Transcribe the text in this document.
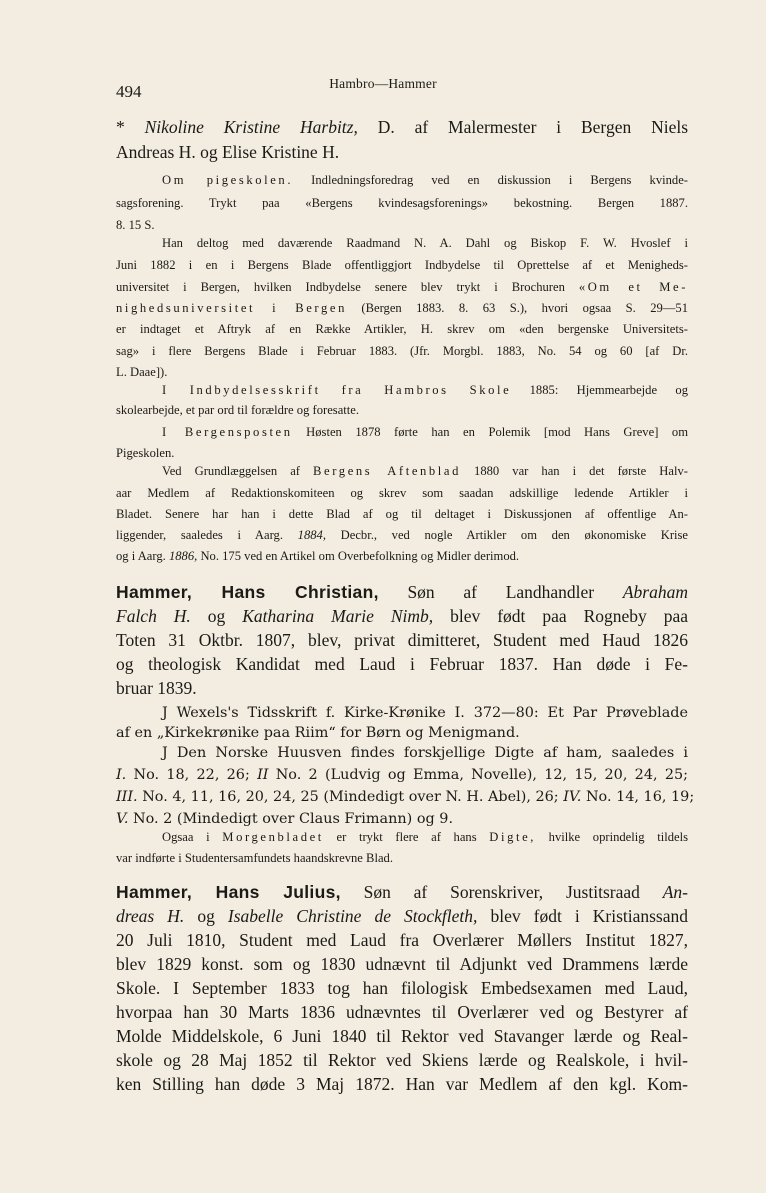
494	Hambro—Hammer
* Nikoline Kristine Harbitz, D. af Malermester i Bergen Niels
Andreas H. og Elise Kristine H.
Om pigeskolen. Indledningsforedrag ved en diskussion i Bergens kvinde-
sagsforening. Trykt paa «Bergens kvindesagsforenings» bekostning. Bergen 1887.
8. 15 S.
Han deltog med daværende Raadmand N. A. Dahl og Biskop F. W. Hvoslef i
Juni 1882 i en i Bergens Blade offentliggjort Indbydelse til Oprettelse af et Menigheds-
universitet i Bergen, hvilken Indbydelse senere blev trykt i Brochuren «Om et Me-
nighedsuniversitet i Bergen (Bergen 1883. 8. 63 S.), hvori ogsaa S. 29—51
er indtaget et Aftryk af en Række Artikler, H. skrev om «den bergenske Universitets-
sag» i flere Bergens Blade i Februar 1883. (Jfr. Morgbl. 1883, No. 54 og 60 [af Dr.
L. Daae]).
I Indbydelsesskrift fra Hambros Skole 1885: Hjemmearbejde og
skolearbejde, et par ord til forældre og foresatte.
I Bergensposten Høsten 1878 førte han en Polemik [mod Hans Greve] om
Pigeskolen.
Ved Grundlæggelsen af Bergens Aftenblad 1880 var han i det første Halv-
aar Medlem af Redaktionskomiteen og skrev som saadan adskillige ledende Artikler i
Bladet. Senere har han i dette Blad af og til deltaget i Diskussjonen af offentlige An-
liggender, saaledes i Aarg. 1884, Decbr., ved nogle Artikler om den økonomiske Krise
og i Aarg. 1886, No. 175 ved en Artikel om Overbefolkning og Midler derimod.
Hammer, Hans Christian, Søn af Landhandler Abraham
Falch H. og Katharina Marie Nimb, blev født paa Rogneby paa
Toten 31 Oktbr. 1807, blev, privat dimitteret, Student med Haud 1826
og theologisk Kandidat med Laud i Februar 1837. Han døde i Fe-
bruar 1839.
J Wexels's Tidsskrift f. Kirke-Krønike I. 372—80: Et Par Prøveblade
af en „Kirkekrønike paa Riim“ for Børn og Menigmand.
J Den Norske Huusven findes forskjellige Digte af ham, saaledes i
I. No. 18, 22, 26; II No. 2 (Ludvig og Emma, Novelle), 12, 15, 20, 24, 25;
III. No. 4, 11, 16, 20, 24, 25 (Mindedigt over N. H. Abel), 26; IV. No. 14, 16, 19;
V. No. 2 (Mindedigt over Claus Frimann) og 9.
Ogsaa i Morgenbladet er trykt flere af hans Digte, hvilke oprindelig tildels
var indførte i Studentersamfundets haandskrevne Blad.
Hammer, Hans Julius, Søn af Sorenskriver, Justitsraad An-
dreas H. og Isabelle Christine de Stockfleth, blev født i Kristianssand
20 Juli 1810, Student med Laud fra Overlærer Møllers Institut 1827,
blev 1829 konst. som og 1830 udnævnt til Adjunkt ved Drammens lærde
Skole. I September 1833 tog han filologisk Embedsexamen med Laud,
hvorpaa han 30 Marts 1836 udnævntes til Overlærer ved og Bestyrer af
Molde Middelskole, 6 Juni 1840 til Rektor ved Stavanger lærde og Real-
skole og 28 Maj 1852 til Rektor ved Skiens lærde og Realskole, i hvil-
ken Stilling han døde 3 Maj 1872. Han var Medlem af den kgl. Kom-
